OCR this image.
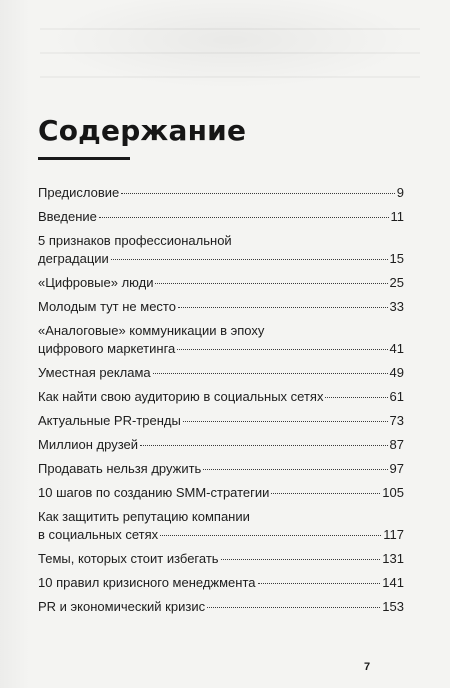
Содержание
Предисловие	9
Введение	11
5 признаков профессиональной
деградации	15
«Цифровые» люди	25
Молодым тут не место	33
«Аналоговые» коммуникации в эпоху
цифрового маркетинга	41
Уместная реклама	49
Как найти свою аудиторию в социальных сетях	61
Актуальные PR-тренды	73
Миллион друзей	87
Продавать нельзя дружить	97
10 шагов по созданию SMM-стратегии	105
Как защитить репутацию компании
в социальных сетях	117
Темы, которых стоит избегать	131
10 правил кризисного менеджмента	141
PR и экономический кризис	153
7
